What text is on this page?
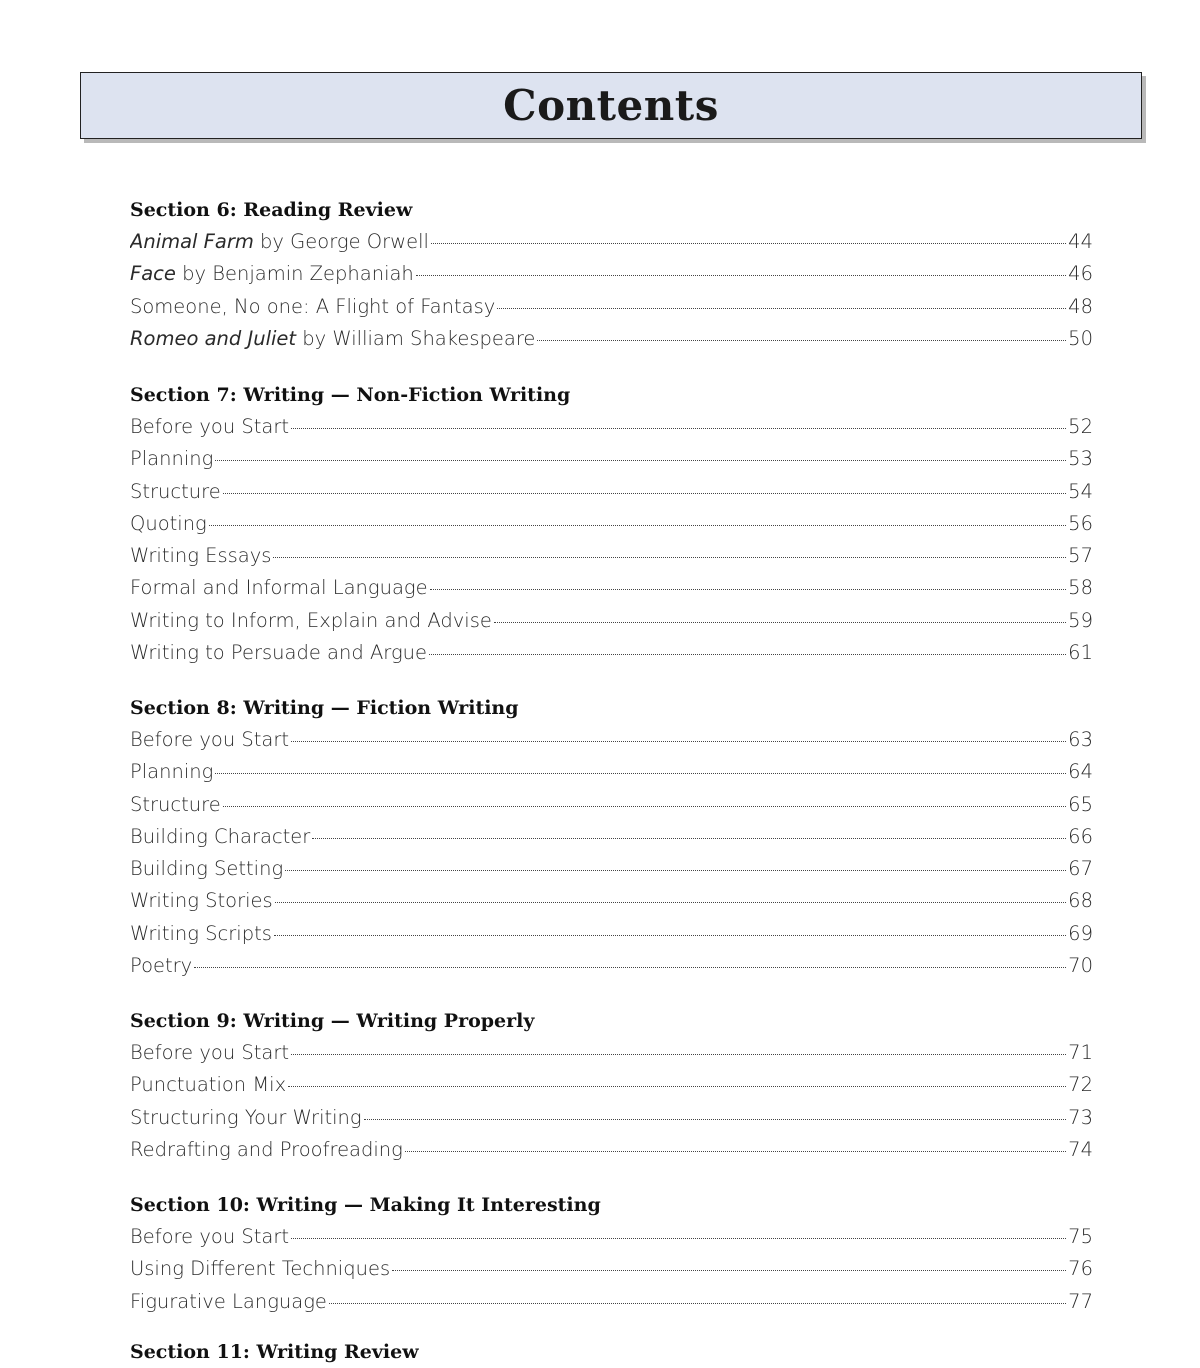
Contents
Section 6: Reading Review
Animal Farm by George Orwell	44
Face by Benjamin Zephaniah	46
Someone, No one: A Flight of Fantasy	48
Romeo and Juliet by William Shakespeare	50
Section 7: Writing — Non-Fiction Writing
Before you Start	52
Planning	53
Structure	54
Quoting	56
Writing Essays	57
Formal and Informal Language	58
Writing to Inform, Explain and Advise	59
Writing to Persuade and Argue	61
Section 8: Writing — Fiction Writing
Before you Start	63
Planning	64
Structure	65
Building Character	66
Building Setting	67
Writing Stories	68
Writing Scripts	69
Poetry	70
Section 9: Writing — Writing Properly
Before you Start	71
Punctuation Mix	72
Structuring Your Writing	73
Redrafting and Proofreading	74
Section 10: Writing — Making It Interesting
Before you Start	75
Using Different Techniques	76
Figurative Language	77
Section 11: Writing Review
